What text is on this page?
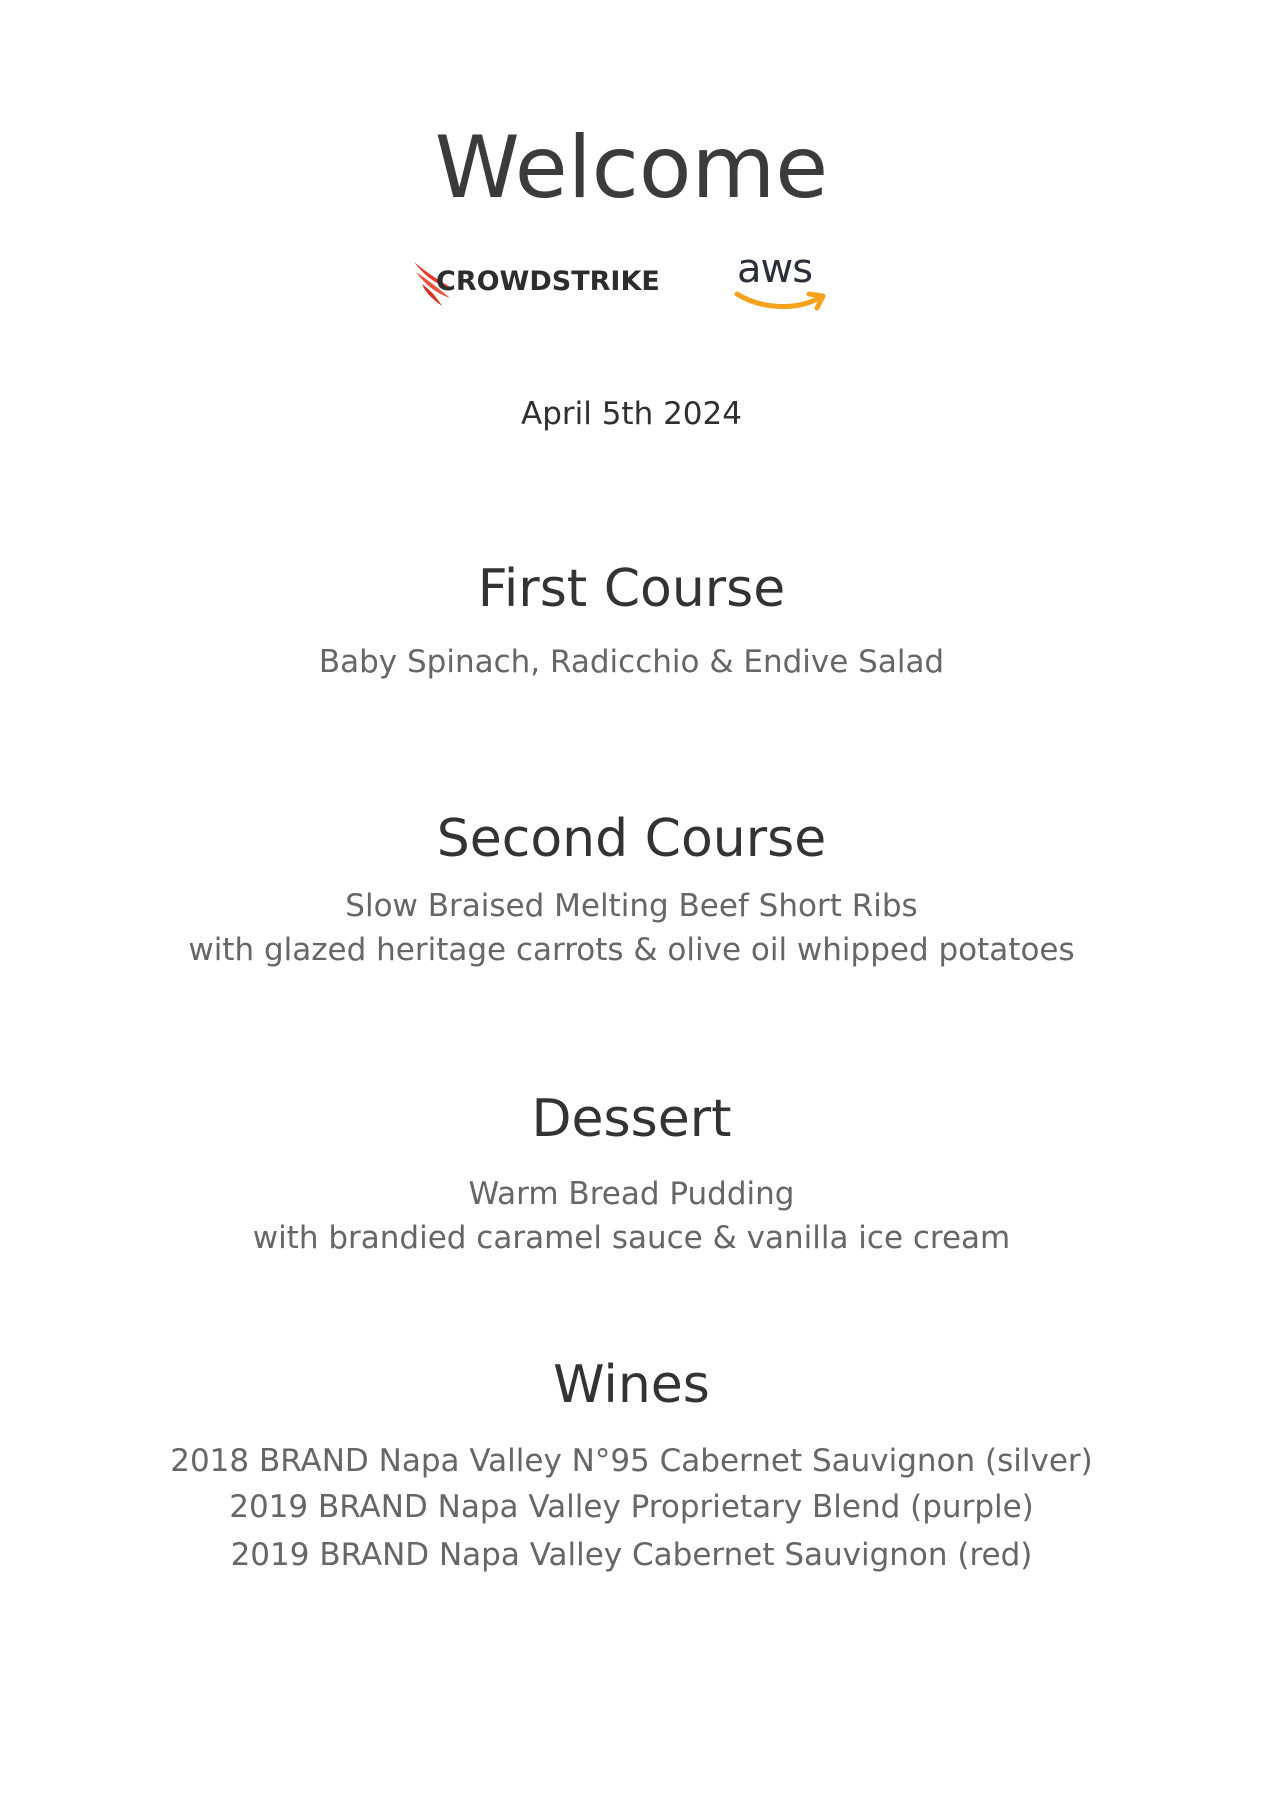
Welcome
CROWDSTRIKE aws
April 5th 2024
First Course
Baby Spinach, Radicchio & Endive Salad
Second Course
Slow Braised Melting Beef Short Ribs
with glazed heritage carrots & olive oil whipped potatoes
Dessert
Warm Bread Pudding
with brandied caramel sauce & vanilla ice cream
Wines
2018 BRAND Napa Valley N°95 Cabernet Sauvignon (silver)
2019 BRAND Napa Valley Proprietary Blend (purple)
2019 BRAND Napa Valley Cabernet Sauvignon (red)
